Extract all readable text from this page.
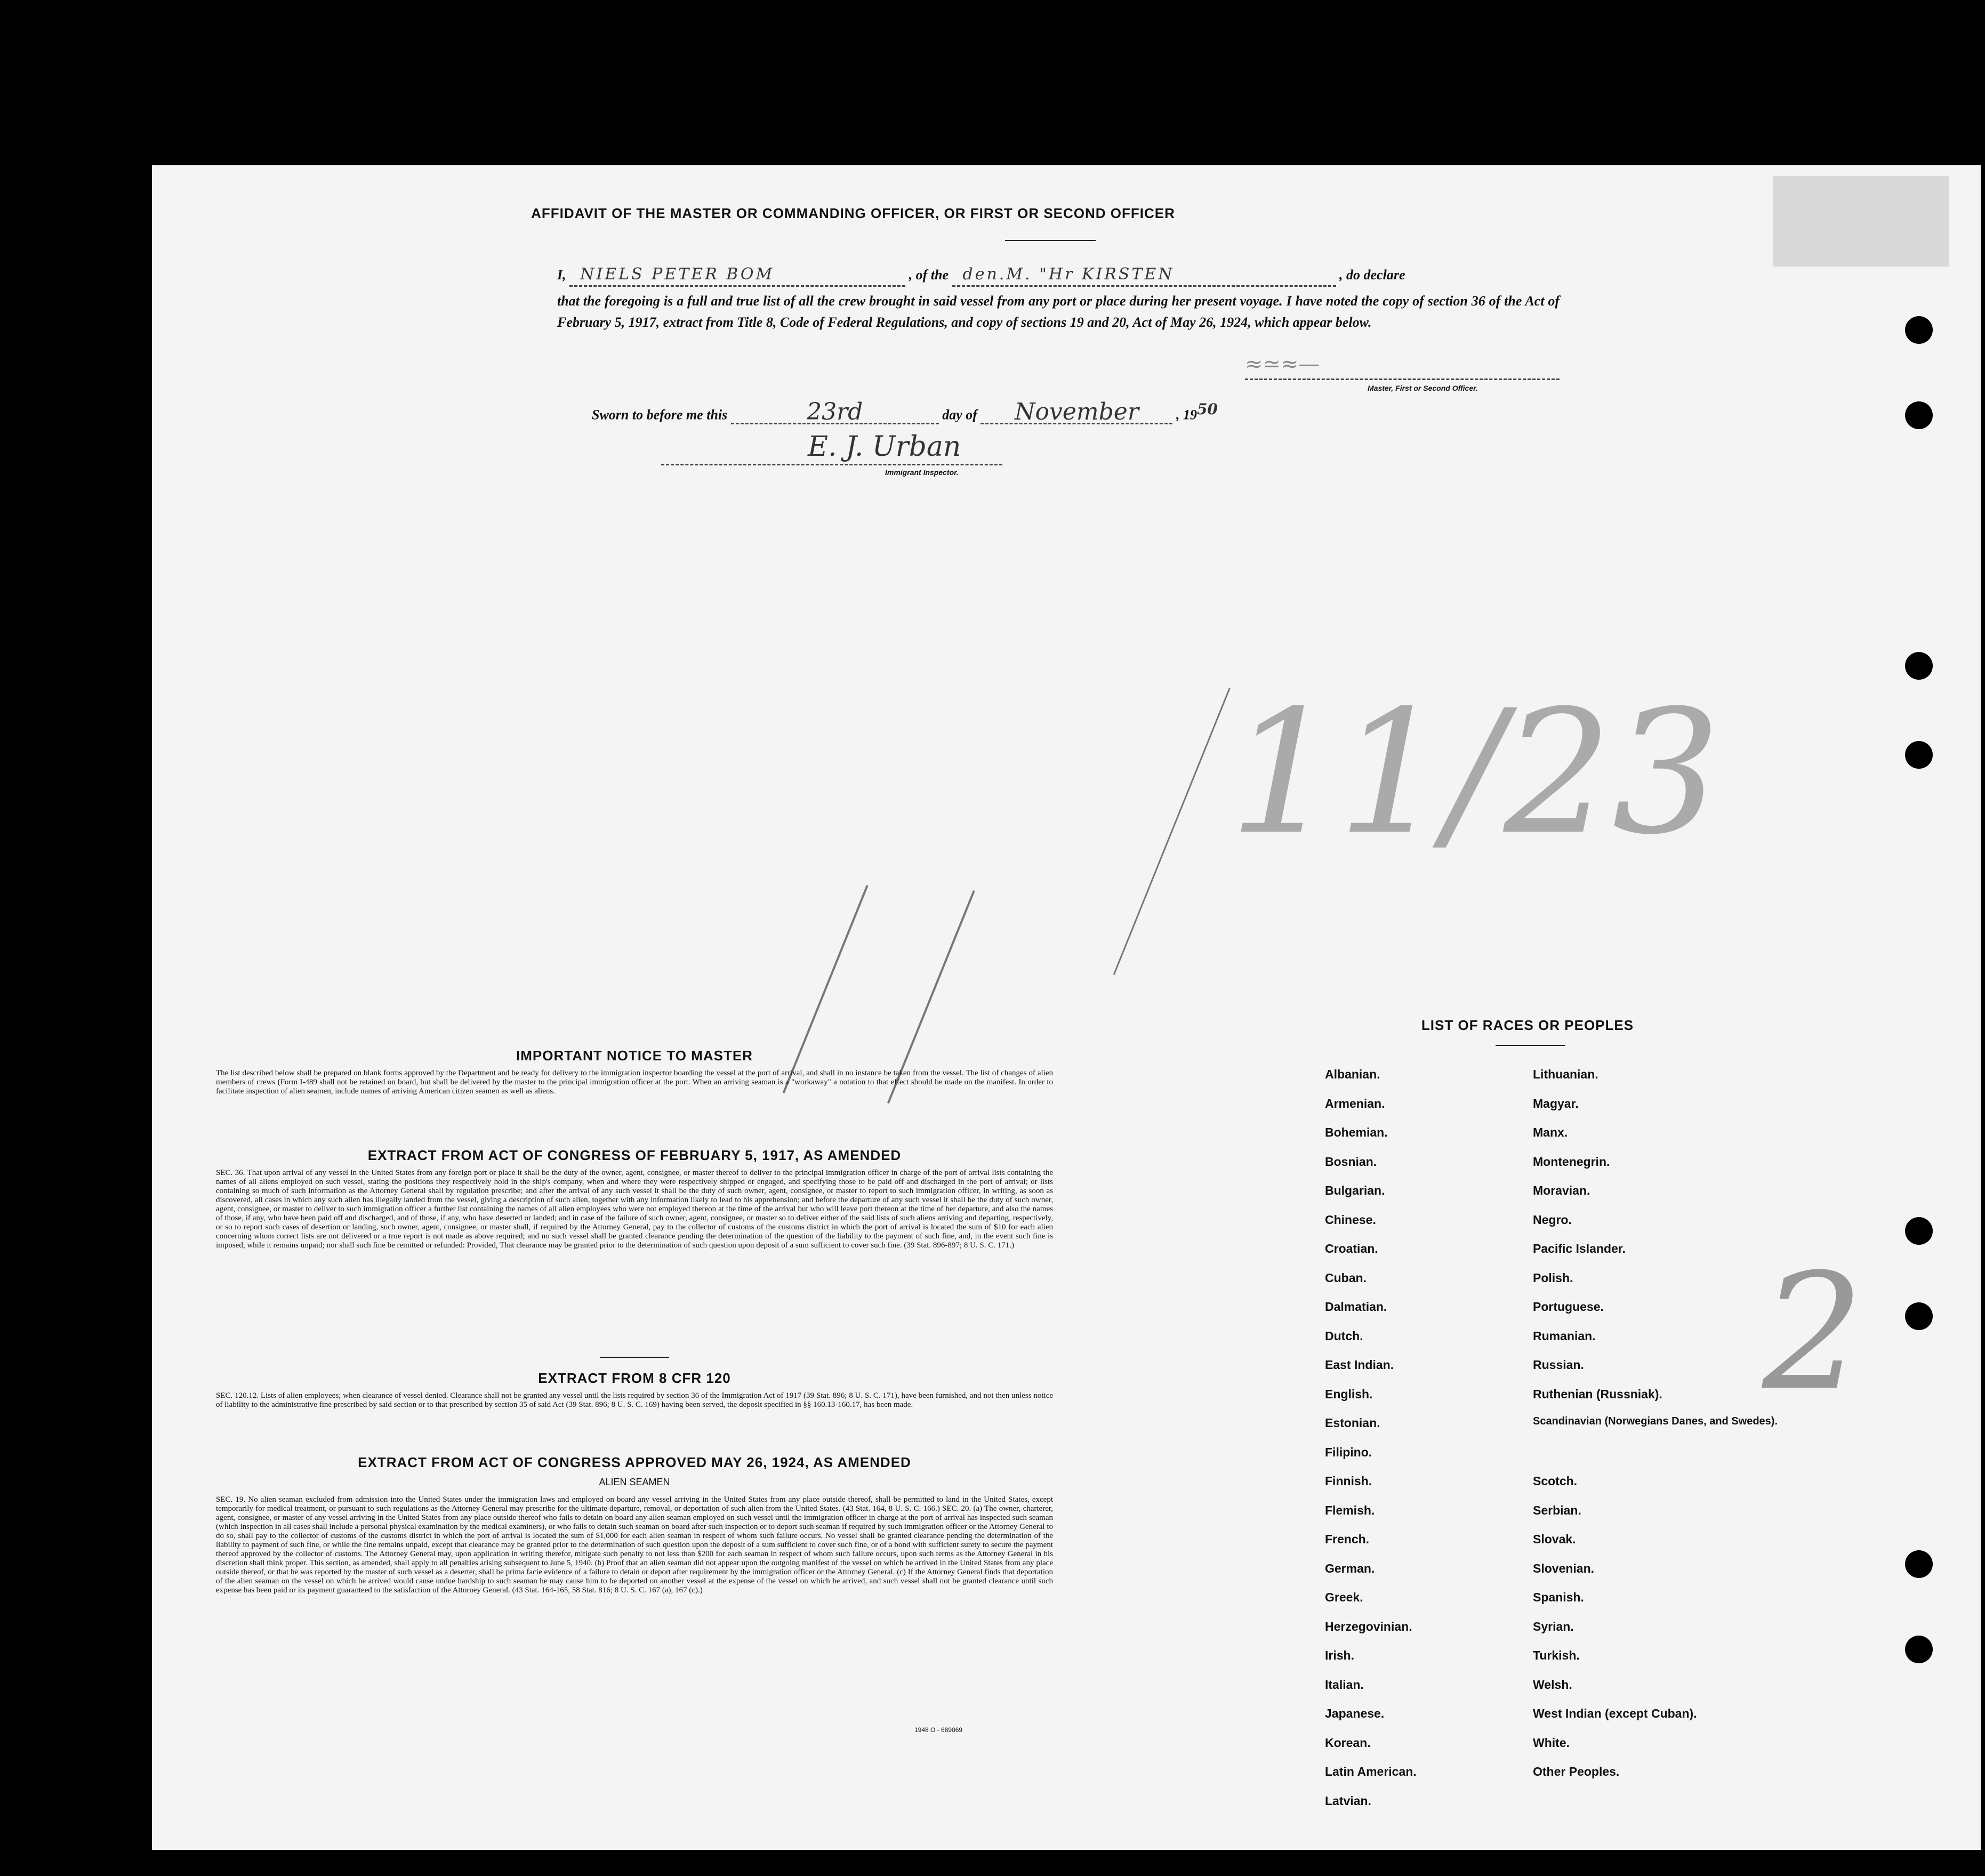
AFFIDAVIT OF THE MASTER OR COMMANDING OFFICER, OR FIRST OR SECOND OFFICER
I, NIELS PETER BOM	, of the den.M. "Hr KIRSTEN	, do declare
that the foregoing is a full and true list of all the crew brought in said vessel from any port or place during her present voyage. I have noted the copy of section 36 of the Act of February 5, 1917, extract from Title 8, Code of Federal Regulations, and copy of sections 19 and 20, Act of May 26, 1924, which appear below.
≈≃≈—
Master, First or Second Officer.
Sworn to before me this	23rd	day of November	, $19^{50}$
E. J. Urban
Immigrant Inspector.
11/23
IMPORTANT NOTICE TO MASTER
The list described below shall be prepared on blank forms approved by the Department and be ready for delivery to the immigration inspector boarding the vessel at the port of arrival, and shall in no instance be taken from the vessel. The list of changes of alien members of crews (Form I-489 shall not be retained on board, but shall be delivered by the master to the principal immigration officer at the port. When an arriving seaman is a "workaway" a notation to that effect should be made on the manifest. In order to facilitate inspection of alien seamen, include names of arriving American citizen seamen as well as aliens.
EXTRACT FROM ACT OF CONGRESS OF FEBRUARY 5, 1917, AS AMENDED
SEC. 36. That upon arrival of any vessel in the United States from any foreign port or place it shall be the duty of the owner, agent, consignee, or master thereof to deliver to the principal immigration officer in charge of the port of arrival lists containing the names of all aliens employed on such vessel, stating the positions they respectively hold in the ship's company, when and where they were respectively shipped or engaged, and specifying those to be paid off and discharged in the port of arrival; or lists containing so much of such information as the Attorney General shall by regulation prescribe; and after the arrival of any such vessel it shall be the duty of such owner, agent, consignee, or master to report to such immigration officer, in writing, as soon as discovered, all cases in which any such alien has illegally landed from the vessel, giving a description of such alien, together with any information likely to lead to his apprehension; and before the departure of any such vessel it shall be the duty of such owner, agent, consignee, or master to deliver to such immigration officer a further list containing the names of all alien employees who were not employed thereon at the time of the arrival but who will leave port thereon at the time of her departure, and also the names of those, if any, who have been paid off and discharged, and of those, if any, who have deserted or landed; and in case of the failure of such owner, agent, consignee, or master so to deliver either of the said lists of such aliens arriving and departing, respectively, or so to report such cases of desertion or landing, such owner, agent, consignee, or master shall, if required by the Attorney General, pay to the collector of customs of the customs district in which the port of arrival is located the sum of $10 for each alien concerning whom correct lists are not delivered or a true report is not made as above required; and no such vessel shall be granted clearance pending the determination of the question of the liability to the payment of such fine, and, in the event such fine is imposed, while it remains unpaid; nor shall such fine be remitted or refunded: Provided, That clearance may be granted prior to the determination of such question upon deposit of a sum sufficient to cover such fine. (39 Stat. 896-897; 8 U. S. C. 171.)
EXTRACT FROM 8 CFR 120
SEC. 120.12. Lists of alien employees; when clearance of vessel denied. Clearance shall not be granted any vessel until the lists required by section 36 of the Immigration Act of 1917 (39 Stat. 896; 8 U. S. C. 171), have been furnished, and not then unless notice of liability to the administrative fine prescribed by said section or to that prescribed by section 35 of said Act (39 Stat. 896; 8 U. S. C. 169) having been served, the deposit specified in §§ 160.13-160.17, has been made.
EXTRACT FROM ACT OF CONGRESS APPROVED MAY 26, 1924, AS AMENDED
ALIEN SEAMEN
SEC. 19. No alien seaman excluded from admission into the United States under the immigration laws and employed on board any vessel arriving in the United States from any place outside thereof, shall be permitted to land in the United States, except temporarily for medical treatment, or pursuant to such regulations as the Attorney General may prescribe for the ultimate departure, removal, or deportation of such alien from the United States. (43 Stat. 164, 8 U. S. C. 166.) SEC. 20. (a) The owner, charterer, agent, consignee, or master of any vessel arriving in the United States from any place outside thereof who fails to detain on board any alien seaman employed on such vessel until the immigration officer in charge at the port of arrival has inspected such seaman (which inspection in all cases shall include a personal physical examination by the medical examiners), or who fails to detain such seaman on board after such inspection or to deport such seaman if required by such immigration officer or the Attorney General to do so, shall pay to the collector of customs of the customs district in which the port of arrival is located the sum of $1,000 for each alien seaman in respect of whom such failure occurs. No vessel shall be granted clearance pending the determination of the liability to payment of such fine, or while the fine remains unpaid, except that clearance may be granted prior to the determination of such question upon the deposit of a sum sufficient to cover such fine, or of a bond with sufficient surety to secure the payment thereof approved by the collector of customs. The Attorney General may, upon application in writing therefor, mitigate such penalty to not less than $200 for each seaman in respect of whom such failure occurs, upon such terms as the Attorney General in his discretion shall think proper. This section, as amended, shall apply to all penalties arising subsequent to June 5, 1940. (b) Proof that an alien seaman did not appear upon the outgoing manifest of the vessel on which he arrived in the United States from any place outside thereof, or that he was reported by the master of such vessel as a deserter, shall be prima facie evidence of a failure to detain or deport after requirement by the immigration officer or the Attorney General. (c) If the Attorney General finds that deportation of the alien seaman on the vessel on which he arrived would cause undue hardship to such seaman he may cause him to be deported on another vessel at the expense of the vessel on which he arrived, and such vessel shall not be granted clearance until such expense has been paid or its payment guaranteed to the satisfaction of the Attorney General. (43 Stat. 164-165, 58 Stat. 816; 8 U. S. C. 167 (a), 167 (c).)
1948 O - 689069
LIST OF RACES OR PEOPLES
Albanian.
Armenian.
Bohemian.
Bosnian.
Bulgarian.
Chinese.
Croatian.
Cuban.
Dalmatian.
Dutch.
East Indian.
English.
Estonian.
Filipino.
Finnish.
Flemish.
French.
German.
Greek.
Herzegovinian.
Irish.
Italian.
Japanese.
Korean.
Latin American.
Latvian.
Lithuanian.
Magyar.
Manx.
Montenegrin.
Moravian.
Negro.
Pacific Islander.
Polish.
Portuguese.
Rumanian.
Russian.
Ruthenian (Russniak).
Scandinavian (Norwegians Danes, and Swedes).
Scotch.
Serbian.
Slovak.
Slovenian.
Spanish.
Syrian.
Turkish.
Welsh.
West Indian (except Cuban).
White.
Other Peoples.
2
